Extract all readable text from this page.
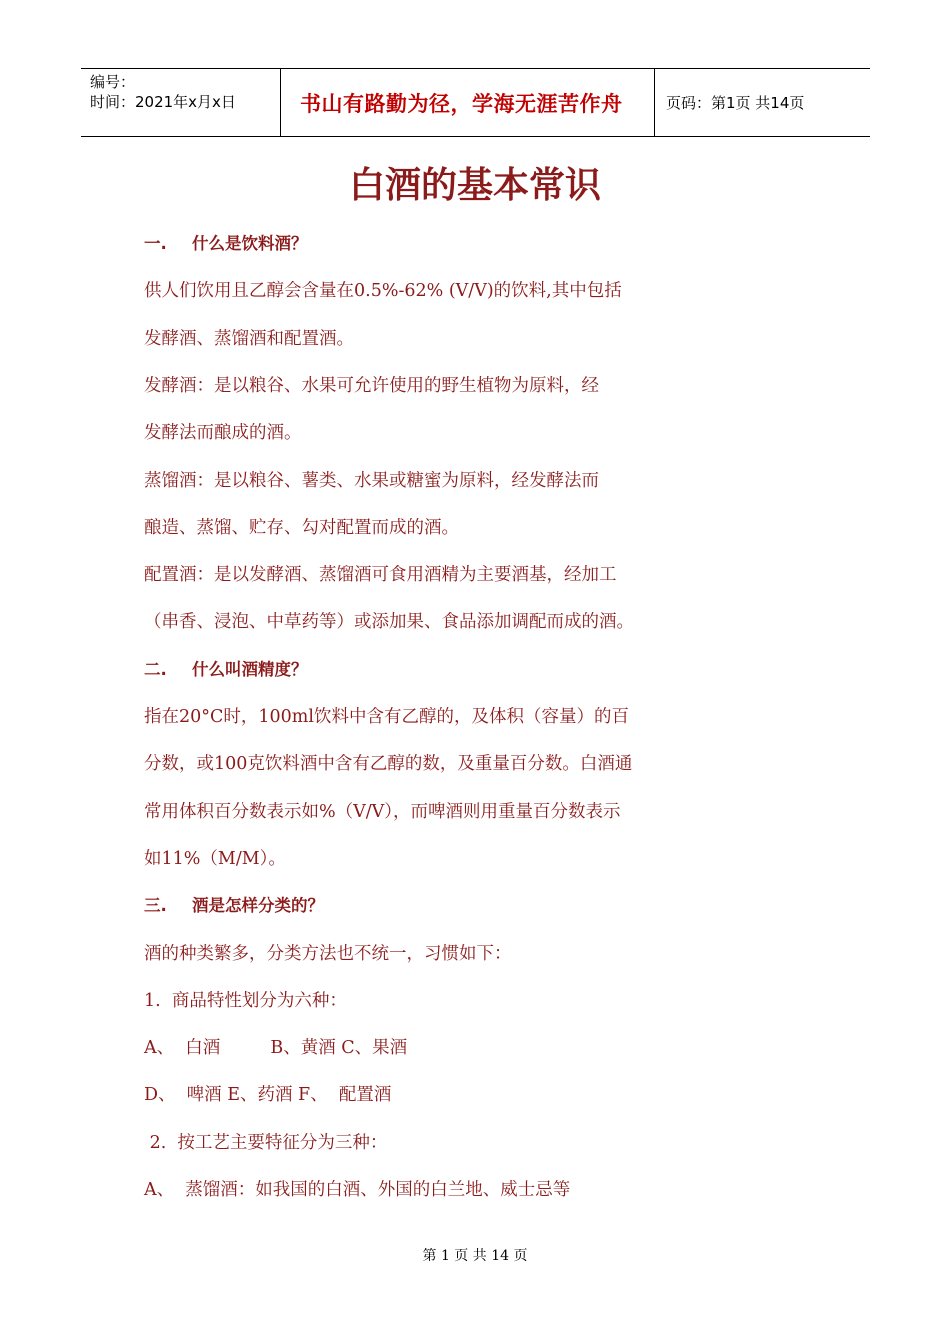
编号：
时间：2021年x月x日	书山有路勤为径，学海无涯苦作舟	页码：第1页 共14页
白酒的基本常识
一. 什么是饮料酒？
供人们饮用且乙醇会含量在0.5%-62% (V/V)的饮料,其中包括
发酵酒、蒸馏酒和配置酒。
发酵酒：是以粮谷、水果可允许使用的野生植物为原料，经
发酵法而酿成的酒。
蒸馏酒：是以粮谷、薯类、水果或糖蜜为原料，经发酵法而
酿造、蒸馏、贮存、勾对配置而成的酒。
配置酒：是以发酵酒、蒸馏酒可食用酒精为主要酒基，经加工
（串香、浸泡、中草药等）或添加果、食品添加调配而成的酒。
二. 什么叫酒精度？
指在20°C时，100ml饮料中含有乙醇的，及体积（容量）的百
分数，或100克饮料酒中含有乙醇的数，及重量百分数。白酒通
常用体积百分数表示如%（V/V），而啤酒则用重量百分数表示
如11%（M/M）。
三. 酒是怎样分类的？
酒的种类繁多，分类方法也不统一，习惯如下：
1.  商品特性划分为六种：
A、  白酒         B、黄酒 C、果酒
D、  啤酒 E、药酒 F、  配置酒
2.  按工艺主要特征分为三种：
A、  蒸馏酒：如我国的白酒、外国的白兰地、威士忌等
第 1 页 共 14 页
